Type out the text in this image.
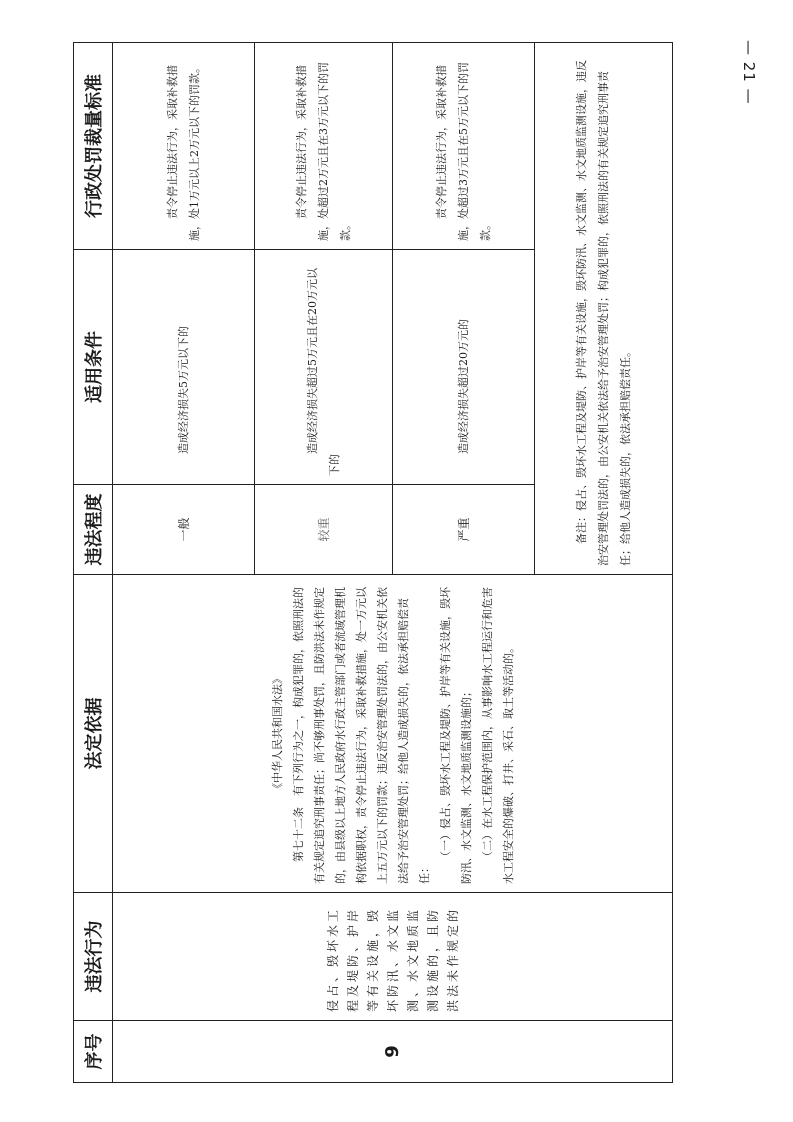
序号	违法行为	法定依据	违法程度	适用条件	行政处罚裁量标准
9	侵占、毁坏水工程及堤防、护岸等有关设施，毁坏防汛、水文监测、水文地质监测设施的，且防洪法未作规定的	《中华人民共和国水法》 第七十二条　有下列行为之一，构成犯罪的，依照刑法的有关规定追究刑事责任；尚不够刑事处罚，且防洪法未作规定的，由县级以上地方人民政府水行政主管部门或者流域管理机构依据职权，责令停止违法行为，采取补救措施，处一万元以上五万元以下的罚款；违反治安管理处罚法的，由公安机关依法给予治安管理处罚；给他人造成损失的，依法承担赔偿责任：

（一）侵占、毁坏水工程及堤防、护岸等有关设施，毁坏防汛、水文监测、水文地质监测设施的； （二）在水工程保护范围内，从事影响水工程运行和危害水工程安全的爆破、打井、采石、取土等活动的。	一般	造成经济损失5万元以下的	责令停止违法行为，采取补救措施，处1万元以上2万元以下的罚款。
			较重	造成经济损失超过5万元且在20万元以下的	责令停止违法行为，采取补救措施，处超过2万元且在3万元以下的罚款。
			严重	造成经济损失超过20万元的	责令停止违法行为，采取补救措施，处超过3万元且在5万元以下的罚款。
			备注：侵占、毁坏水工程及堤防、护岸等有关设施，毁坏防汛、水文监测、水文地质监测设施，违反治安管理处罚法的，由公安机关依法给予治安管理处罚；构成犯罪的，依照刑法的有关规定追究刑事责任；给他人造成损失的，依法承担赔偿责任。		
— 21 —
